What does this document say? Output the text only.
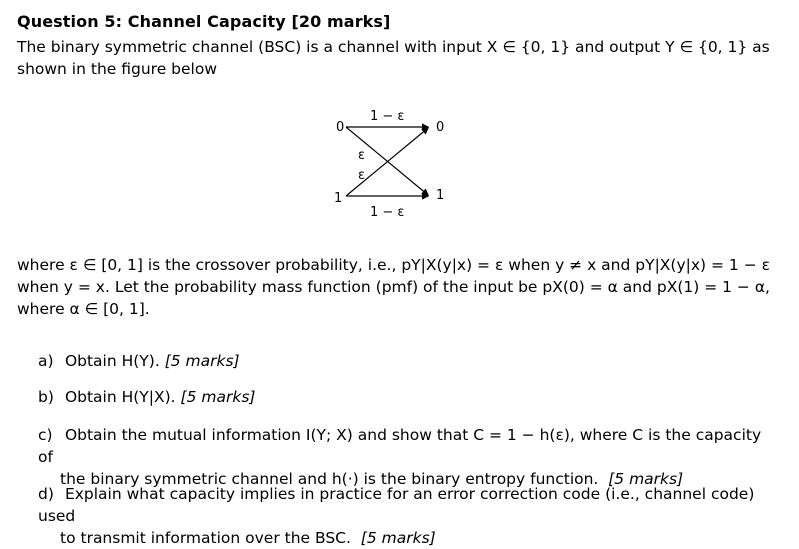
Question 5: Channel Capacity [20 marks]
The binary symmetric channel (BSC) is a channel with input X ∈ {0, 1} and output Y ∈ {0, 1} as
shown in the figure below
0
1
0
1
1 − ε
1 − ε
ε
ε
where ε ∈ [0, 1] is the crossover probability, i.e., pY|X(y|x) = ε when y ≠ x and pY|X(y|x) = 1 − ε
when y = x. Let the probability mass function (pmf) of the input be pX(0) = α and pX(1) = 1 − α,
where α ∈ [0, 1].
a) Obtain H(Y). [5 marks]
b) Obtain H(Y|X). [5 marks]
c) Obtain the mutual information I(Y; X) and show that C = 1 − h(ε), where C is the capacity of
the binary symmetric channel and h(·) is the binary entropy function. [5 marks]
d) Explain what capacity implies in practice for an error correction code (i.e., channel code) used
to transmit information over the BSC. [5 marks]
